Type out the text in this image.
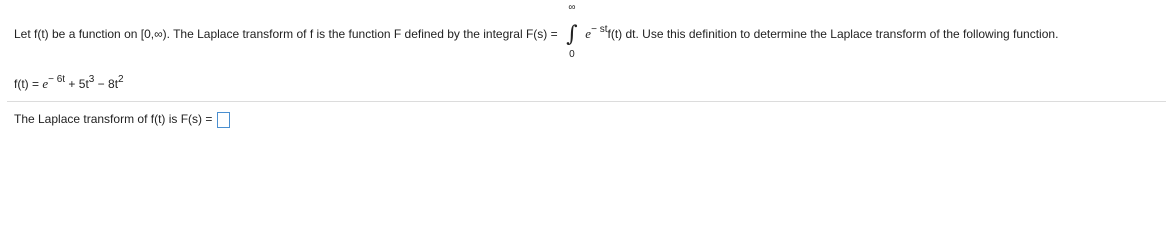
Let f(t) be a function on [0,∞). The Laplace transform of f is the function F defined by the integral F(s) =
∞
∫
0
$e^{- st}f(t)$ dt. Use this definition to determine the Laplace transform of the following function.
$f(t) = e^{- 6t} + 5t^3 - 8t^2$
The Laplace transform of f(t) is F(s) =
